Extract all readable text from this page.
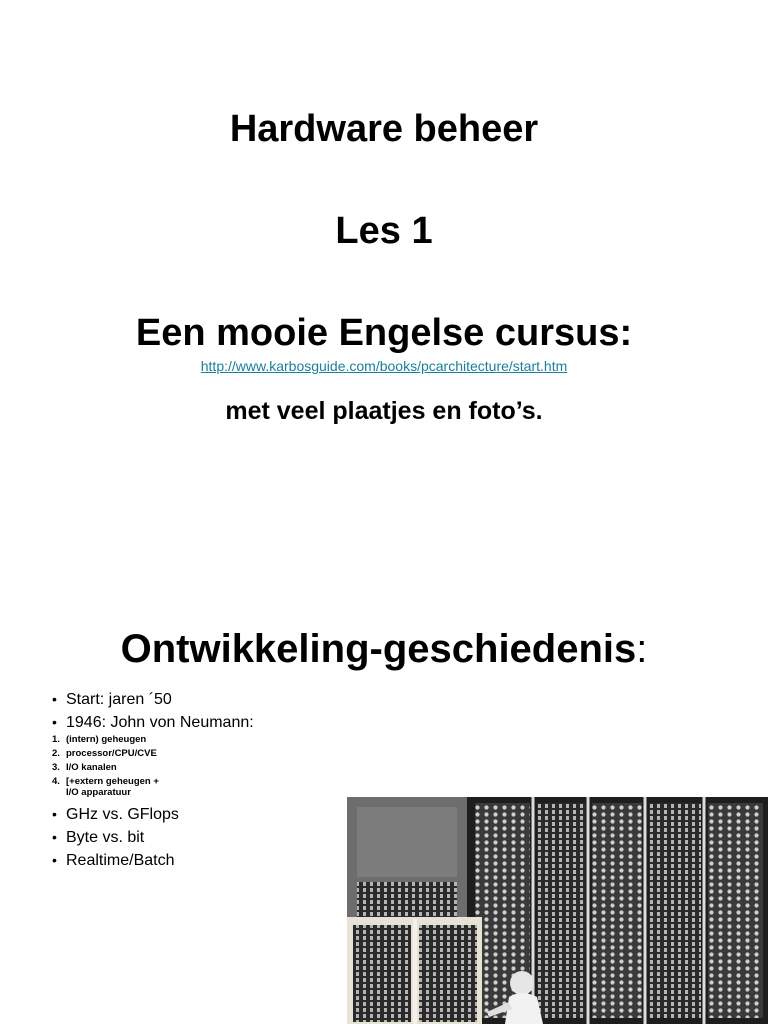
Hardware beheer
Les 1
Een mooie Engelse cursus:
http://www.karbosguide.com/books/pcarchitecture/start.htm
met veel plaatjes en foto’s.
Ontwikkeling-geschiedenis:
• Start: jaren ´50
• 1946: John von Neumann:
1. (intern) geheugen
2. processor/CPU/CVE
3. I/O kanalen
4. [+extern geheugen +
I/O apparatuur
• GHz vs. GFlops
• Byte vs. bit
• Realtime/Batch
